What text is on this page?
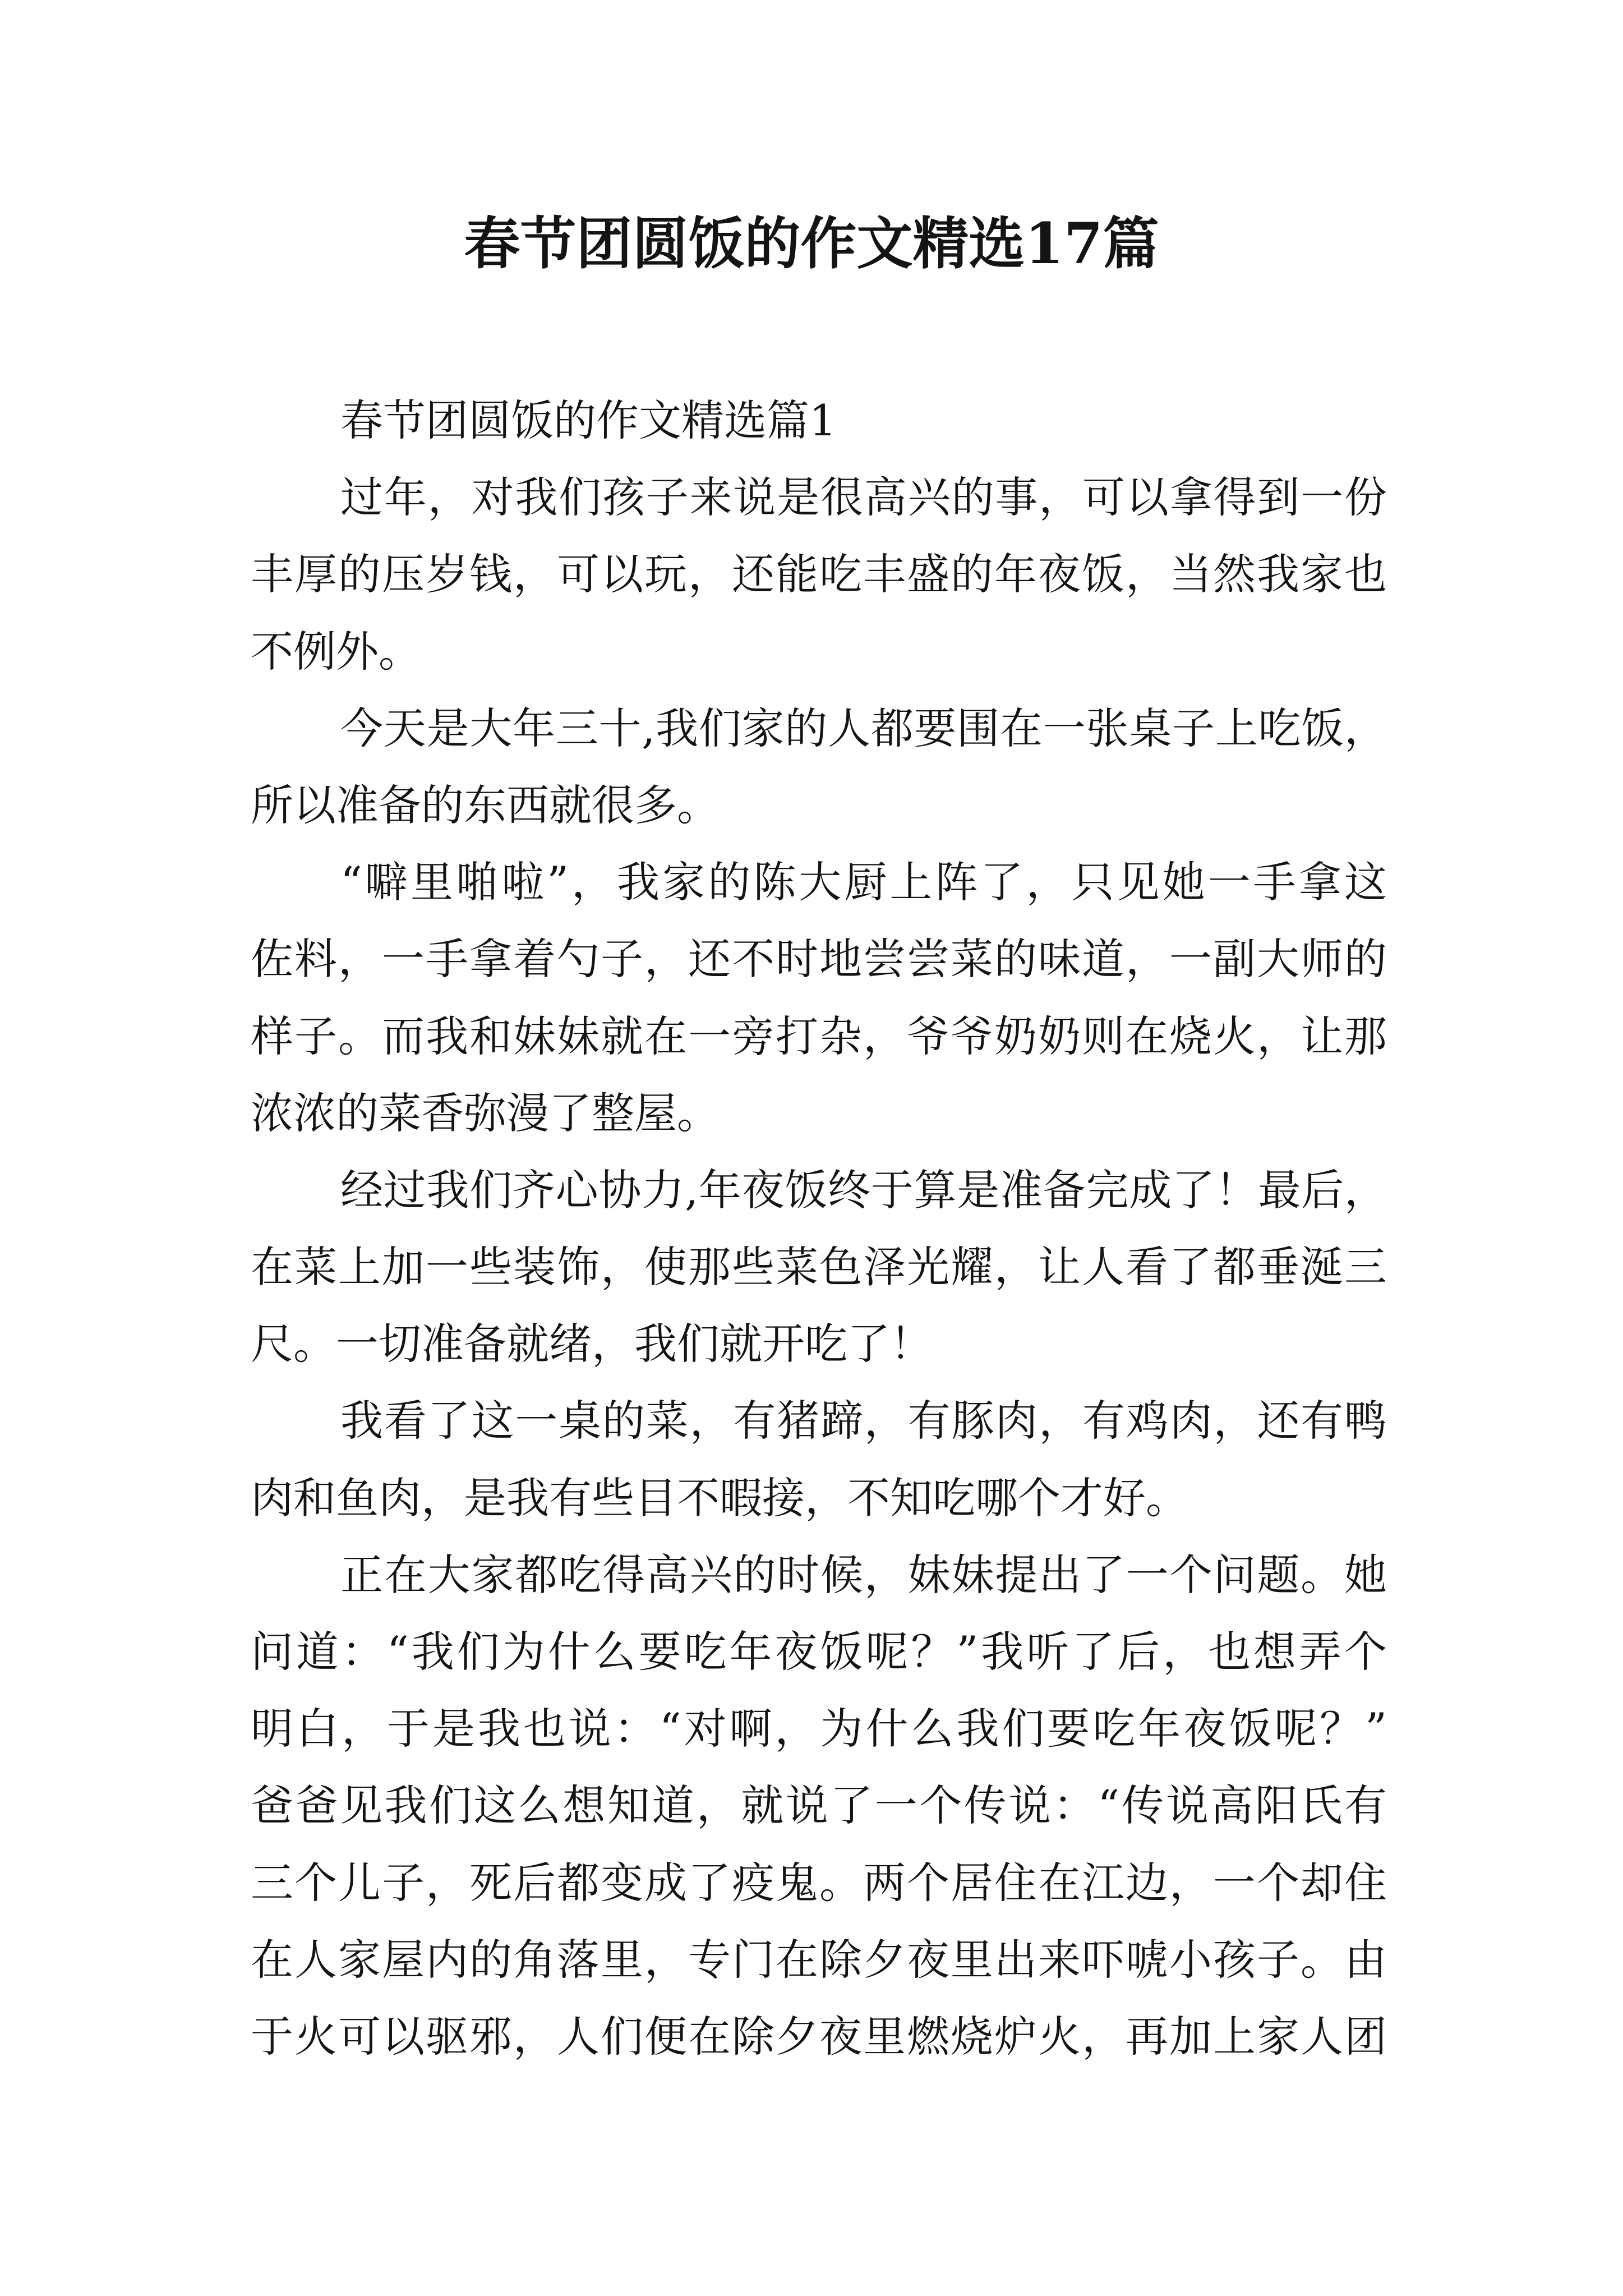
春节团圆饭的作文精选17篇
春节团圆饭的作文精选篇1
过年，对我们孩子来说是很高兴的事，可以拿得到一份
丰厚的压岁钱，可以玩，还能吃丰盛的年夜饭，当然我家也
不例外。
今天是大年三十,我们家的人都要围在一张桌子上吃饭，
所以准备的东西就很多。
“噼里啪啦”，我家的陈大厨上阵了，只见她一手拿这
佐料，一手拿着勺子，还不时地尝尝菜的味道，一副大师的
样子。而我和妹妹就在一旁打杂，爷爷奶奶则在烧火，让那
浓浓的菜香弥漫了整屋。
经过我们齐心协力,年夜饭终于算是准备完成了！最后，
在菜上加一些装饰，使那些菜色泽光耀，让人看了都垂涎三
尺。一切准备就绪，我们就开吃了！
我看了这一桌的菜，有猪蹄，有豚肉，有鸡肉，还有鸭
肉和鱼肉，是我有些目不暇接，不知吃哪个才好。
正在大家都吃得高兴的时候，妹妹提出了一个问题。她
问道：“我们为什么要吃年夜饭呢？”我听了后，也想弄个
明白，于是我也说：“对啊，为什么我们要吃年夜饭呢？”
爸爸见我们这么想知道，就说了一个传说：“传说高阳氏有
三个儿子，死后都变成了疫鬼。两个居住在江边，一个却住
在人家屋内的角落里，专门在除夕夜里出来吓唬小孩子。由
于火可以驱邪，人们便在除夕夜里燃烧炉火，再加上家人团
